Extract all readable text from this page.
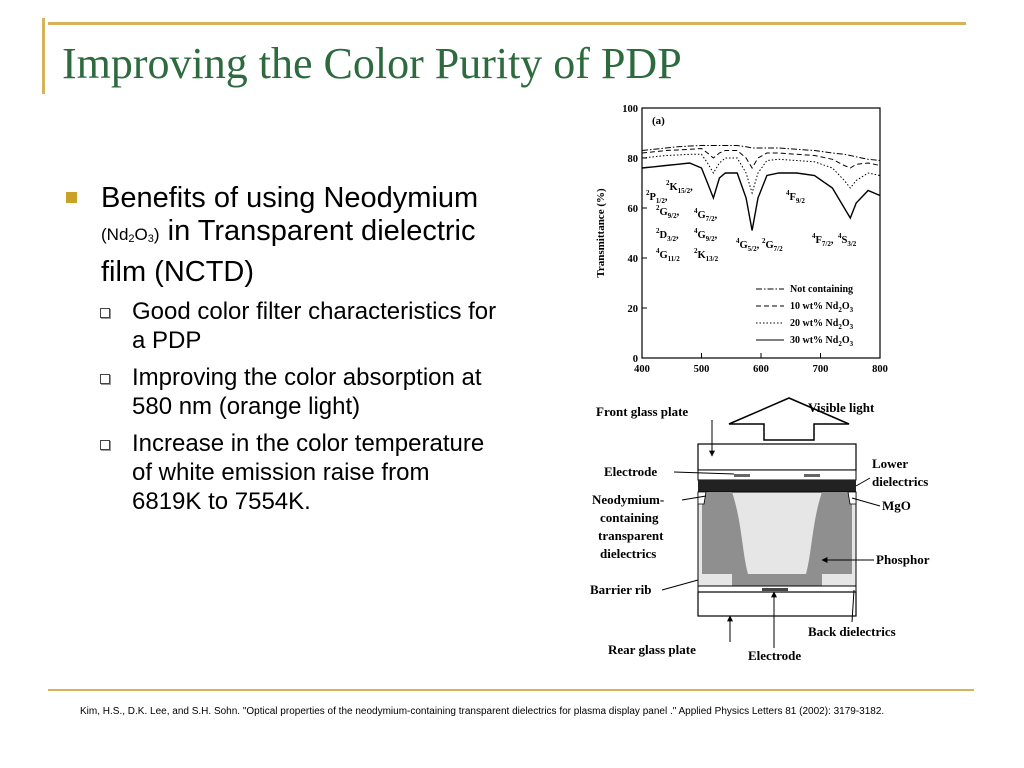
Improving the Color Purity of PDP
Benefits of using Neodymium $(Nd_2O_3)$ in Transparent dielectric film (NCTD)
Good color filter characteristics for a PDP
Improving the color absorption at 580 nm (orange light)
Increase in the color temperature of white emission raise from 6819K to 7554K.
400	500	600	700	800
0
20
40
60
80
100
(a)
Transmittance (%)	$^2P_{1/2}$,
$^2K_{15/2}$,
$^2G_{9/2}$,
$^2D_{3/2}$,
$^4G_{11/2}$
$^4G_{7/2}$,
$^4G_{9/2}$,
$^2K_{13/2}$
$^4G_{5/2}$, $^2G_{7/2}$
$^4F_{9/2}$
$^4F_{7/2}$, $^4S_{3/2}$
Not containing
10 wt% $Nd_2O_3$
20 wt% $Nd_2O_3$
30 wt% $Nd_2O_3$
Front glass plate	Visible light
Electrode
Lower
dielectrics
Neodymium-
containing
transparent
dielectrics
MgO
Phosphor
Barrier rib
Back dielectrics
Rear glass plate	Electrode
Kim, H.S., D.K. Lee, and S.H. Sohn. "Optical properties of the neodymium-containing transparent dielectrics for plasma display panel ." Applied Physics Letters 81 (2002): 3179-3182.
